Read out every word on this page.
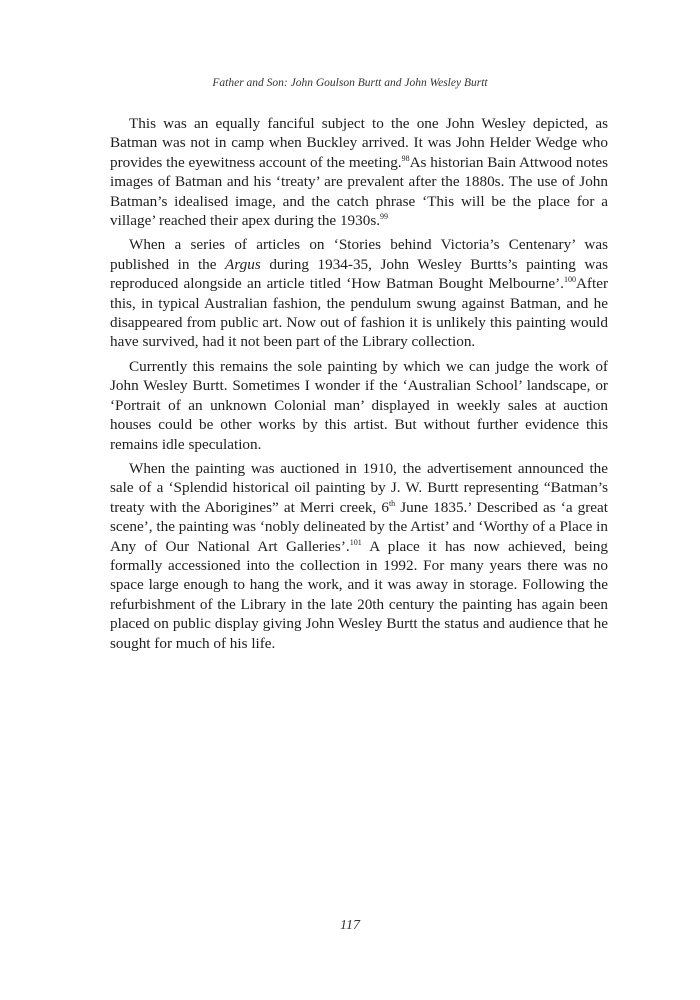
Father and Son: John Goulson Burtt and John Wesley Burtt

This was an equally fanciful subject to the one John Wesley depicted, as Batman was not in camp when Buckley arrived. It was John Helder Wedge who provides the eyewitness account of the meeting.$^{98}$As historian Bain Attwood notes images of Batman and his ‘treaty’ are prevalent after the 1880s. The use of John Batman’s idealised image, and the catch phrase ‘This will be the place for a village’ reached their apex during the 1930s.$^{99}$

When a series of articles on ‘Stories behind Victoria’s Centenary’ was published in the Argus during 1934-35, John Wesley Burtts’s painting was reproduced alongside an article titled ‘How Batman Bought Melbourne’.$^{100}$After this, in typical Australian fashion, the pendulum swung against Batman, and he disappeared from public art. Now out of fashion it is unlikely this painting would have survived, had it not been part of the Library collection.

Currently this remains the sole painting by which we can judge the work of John Wesley Burtt. Sometimes I wonder if the ‘Australian School’ landscape, or ‘Portrait of an unknown Colonial man’ displayed in weekly sales at auction houses could be other works by this artist. But without further evidence this remains idle speculation.

When the painting was auctioned in 1910, the advertisement announced the sale of a ‘Splendid historical oil painting by J. W. Burtt representing “Batman’s treaty with the Aborigines” at Merri creek, 6th June 1835.’ Described as ‘a great scene’, the painting was ‘nobly delineated by the Artist’ and ‘Worthy of a Place in Any of Our National Art Galleries’.$^{101}$ A place it has now achieved, being formally accessioned into the collection in 1992. For many years there was no space large enough to hang the work, and it was away in storage. Following the refurbishment of the Library in the late 20th century the painting has again been placed on public display giving John Wesley Burtt the status and audience that he sought for much of his life.

117
